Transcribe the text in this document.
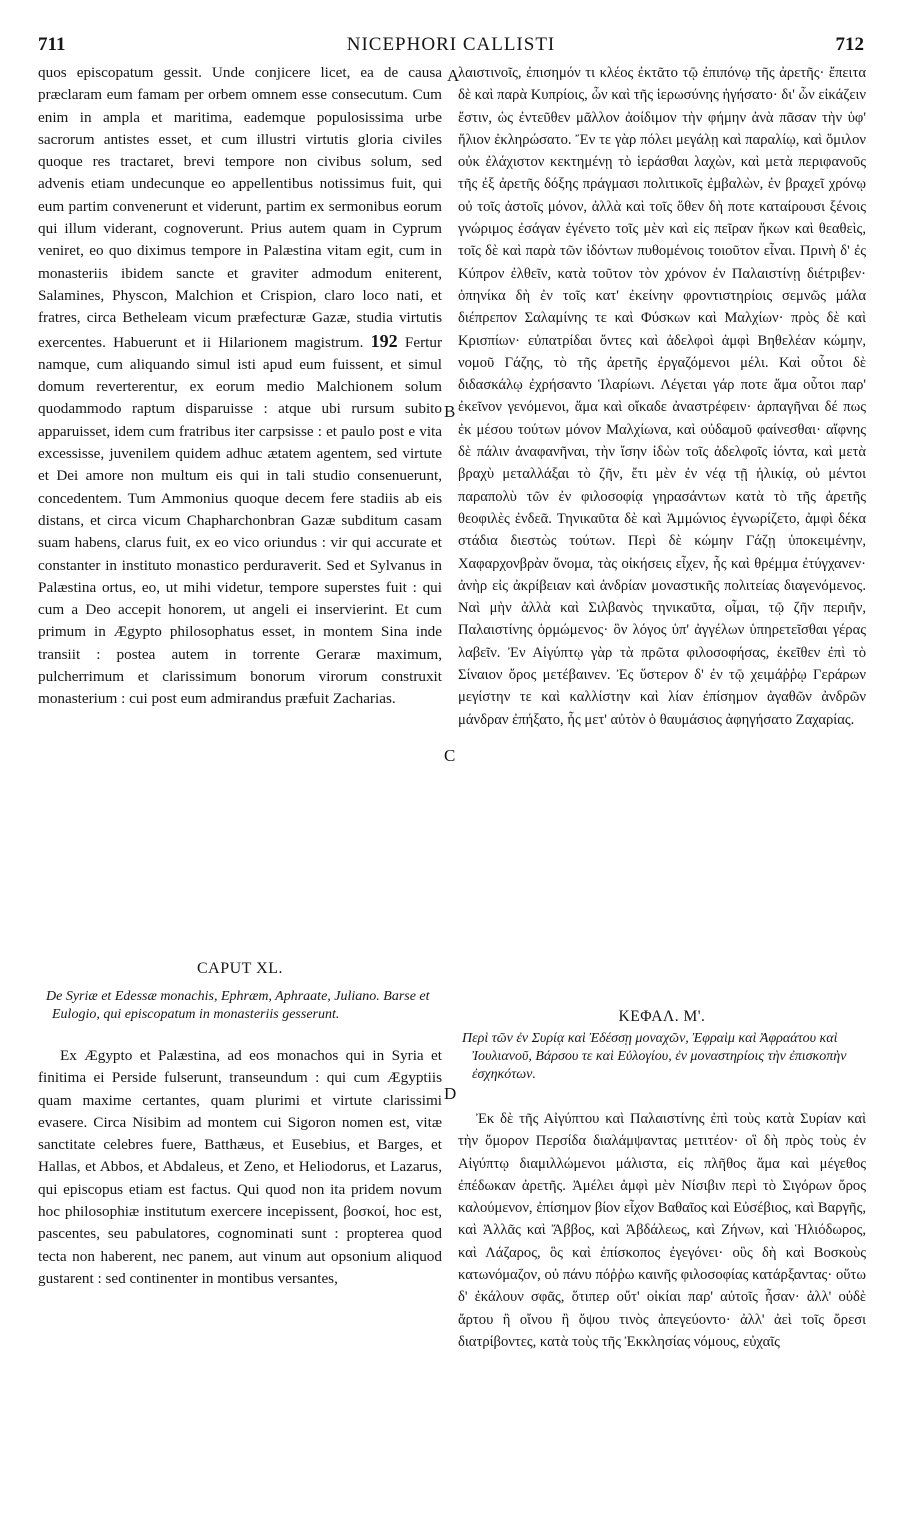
711	NICEPHORI CALLISTI	712
A
B
C
D

quos episcopatum gessit. Unde conjicere licet, ea de causa præclaram eum famam per orbem omnem esse consecutum. Cum enim in ampla et maritima, eademque populosissima urbe sacrorum antistes esset, et cum illustri virtutis gloria civiles quoque res tractaret, brevi tempore non civibus solum, sed advenis etiam undecunque eo appellentibus notissimus fuit, qui eum partim convenerunt et viderunt, partim ex sermonibus eorum qui illum viderant, cognoverunt. Prius autem quam in Cyprum veniret, eo quo diximus tempore in Palæstina vitam egit, cum in monasteriis ibidem sancte et graviter admodum eniterent, Salamines, Physcon, Malchion et Crispion, claro loco nati, et fratres, circa Betheleam vicum præfecturæ Gazæ, studia virtutis exercentes. Habuerunt et ii Hilarionem magistrum. 192 Fertur namque, cum aliquando simul isti apud eum fuissent, et simul domum reverterentur, ex eorum medio Malchionem solum quodammodo raptum disparuisse : atque ubi rursum subito apparuisset, idem cum fratribus iter carpsisse : et paulo post e vita excessisse, juvenilem quidem adhuc ætatem agentem, sed virtute et Dei amore non multum eis qui in tali studio consenuerunt, concedentem. Tum Ammonius quoque decem fere stadiis ab eis distans, et circa vicum Chapharchonbran Gazæ subditum casam suam habens, clarus fuit, ex eo vico oriundus : vir qui accurate et constanter in instituto monastico perduraverit. Sed et Sylvanus in Palæstina ortus, eo, ut mihi videtur, tempore superstes fuit : qui cum a Deo accepit honorem, ut angeli ei inservierint. Et cum primum in Ægypto philosophatus esset, in montem Sina inde transiit : postea autem in torrente Geraræ maximum, pulcherrimum et clarissimum bonorum virorum construxit monasterium : cui post eum admirandus præfuit Zacharias.

λαιστινοῖς, ἐπισημόν τι κλέος ἐκτᾶτο τῷ ἐπιπόνῳ τῆς ἀρετῆς· ἔπειτα δὲ καὶ παρὰ Κυπρίοις, ὧν καὶ τῆς ἱερωσύνης ἡγήσατο· δι' ὧν εἰκάζειν ἔστιν, ὡς ἐντεῦθεν μᾶλλον ἀοίδιμον τὴν φήμην ἀνὰ πᾶσαν τὴν ὑφ' ἥλιον ἐκληρώσατο. Ἔν τε γὰρ πόλει μεγάλῃ καὶ παραλίῳ, καὶ ὅμιλον οὐκ ἐλάχιστον κεκτημένῃ τὸ ἱεράσθαι λαχὼν, καὶ μετὰ περιφανοῦς τῆς ἐξ ἀρετῆς δόξης πράγμασι πολιτικοῖς ἐμβαλὼν, ἐν βραχεῖ χρόνῳ οὐ τοῖς ἀστοῖς μόνον, ἀλλὰ καὶ τοῖς ὅθεν δὴ ποτε καταίρουσι ξένοις γνώριμος ἐσάγαν ἐγένετο τοῖς μὲν καὶ εἰς πεῖραν ἥκων καὶ θεαθεὶς, τοῖς δὲ καὶ παρὰ τῶν ἰδόντων πυθομένοις τοιοῦτον εἶναι. Πρινὴ δ' ἐς Κύπρον ἐλθεῖν, κατὰ τοῦτον τὸν χρόνον ἐν Παλαιστίνῃ διέτριβεν· ὁπηνίκα δὴ ἐν τοῖς κατ' ἐκείνην φροντιστηρίοις σεμνῶς μάλα διέπρεπον Σαλαμίνης τε καὶ Φύσκων καὶ Μαλχίων· πρὸς δὲ καὶ Κρισπίων· εὐπατρίδαι ὄντες καὶ ἀδελφοὶ ἀμφὶ Βηθελέαν κώμην, νομοῦ Γάζης, τὸ τῆς ἀρετῆς ἐργαζόμενοι μέλι. Καὶ οὗτοι δὲ διδασκάλῳ ἐχρήσαντο Ἱλαρίωνι. Λέγεται γάρ ποτε ἅμα οὗτοι παρ' ἐκεῖνον γενόμενοι, ἅμα καὶ οἴκαδε ἀναστρέφειν· ἁρπαγῆναι δέ πως ἐκ μέσου τούτων μόνον Μαλχίωνα, καὶ οὐδαμοῦ φαίνεσθαι· αἴφνης δὲ πάλιν ἀναφανῆναι, τὴν ἴσην ἰδὼν τοῖς ἀδελφοῖς ἰόντα, καὶ μετὰ βραχὺ μεταλλάξαι τὸ ζῆν, ἔτι μὲν ἐν νέᾳ τῇ ἡλικίᾳ, οὐ μέντοι παραπολὺ τῶν ἐν φιλοσοφίᾳ γηρασάντων κατὰ τὸ τῆς ἀρετῆς θεοφιλὲς ἐνδεᾶ. Τηνικαῦτα δὲ καὶ Ἀμμώνιος ἐγνωρίζετο, ἀμφὶ δέκα στάδια διεστὼς τούτων. Περὶ δὲ κώμην Γάζῃ ὑποκειμένην, Χαφαρχονβρὰν ὄνομα, τὰς οἰκήσεις εἶχεν, ἧς καὶ θρέμμα ἐτύγχανεν· ἀνὴρ εἰς ἀκρίβειαν καὶ ἀνδρίαν μοναστικῆς πολιτείας διαγενόμενος. Ναὶ μὴν ἀλλὰ καὶ Σιλβανὸς τηνικαῦτα, οἶμαι, τῷ ζῆν περιῆν, Παλαιστίνης ὁρμώμενος· ὃν λόγος ὑπ' ἀγγέλων ὑπηρετεῖσθαι γέρας λαβεῖν. Ἐν Αἰγύπτῳ γὰρ τὰ πρῶτα φιλοσοφήσας, ἐκεῖθεν ἐπὶ τὸ Σίναιον ὄρος μετέβαινεν. Ἐς ὕστερον δ' ἐν τῷ χειμάῤῥῳ Γεράρων μεγίστην τε καὶ καλλίστην καὶ λίαν ἐπίσημον ἀγαθῶν ἀνδρῶν μάνδραν ἐπήξατο, ἧς μετ' αὐτὸν ὁ θαυμάσιος ἀφηγήσατο Ζαχαρίας.

CAPUT XL.
De Syriæ et Edessæ monachis, Ephræm, Aphraate, Juliano. Barse et Eulogio, qui episcopatum in monasteriis gesserunt.

Ex Ægypto et Palæstina, ad eos monachos qui in Syria et finitima ei Perside fulserunt, transeundum : qui cum Ægyptiis quam maxime certantes, quam plurimi et virtute clarissimi evasere. Circa Nisibim ad montem cui Sigoron nomen est, vitæ sanctitate celebres fuere, Batthæus, et Eusebius, et Barges, et Hallas, et Abbos, et Abdaleus, et Zeno, et Heliodorus, et Lazarus, qui episcopus etiam est factus. Qui quod non ita pridem novum hoc philosophiæ institutum exercere incepissent, βοσκοί, hoc est, pascentes, seu pabulatores, cognominati sunt : propterea quod tecta non haberent, nec panem, aut vinum aut opsonium aliquod gustarent : sed continenter in montibus versantes,

ΚΕΦΑΛ. Μ'.
Περὶ τῶν ἐν Συρίᾳ καὶ Ἐδέσσῃ μοναχῶν, Ἐφραὶμ καὶ Ἀφραάτου καὶ Ἰουλιανοῦ, Βάρσου τε καὶ Εὐλογίου, ἐν μοναστηρίοις τὴν ἐπισκοπὴν ἐσχηκότων.

Ἐκ δὲ τῆς Αἰγύπτου καὶ Παλαιστίνης ἐπὶ τοὺς κατὰ Συρίαν καὶ τὴν ὅμορον Περσίδα διαλάμψαντας μετιτέον· οἳ δὴ πρὸς τοὺς ἐν Αἰγύπτῳ διαμιλλώμενοι μάλιστα, εἰς πλῆθος ἅμα καὶ μέγεθος ἐπέδωκαν ἀρετῆς. Ἀμέλει ἀμφὶ μὲν Νίσιβιν περὶ τὸ Σιγόρων ὄρος καλούμενον, ἐπίσημον βίον εἶχον Βαθαῖος καὶ Εὐσέβιος, καὶ Βαργῆς, καὶ Ἀλλᾶς καὶ Ἄββος, καὶ Ἀβδάλεως, καὶ Ζήνων, καὶ Ἡλιόδωρος, καὶ Λάζαρος, ὃς καὶ ἐπίσκοπος ἐγεγόνει· οὓς δὴ καὶ Βοσκοὺς κατωνόμαζον, οὐ πάνυ πόῤῥω καινῆς φιλοσοφίας κατάρξαντας· οὕτω δ' ἐκάλουν σφᾶς, ὅτιπερ οὔτ' οἰκίαι παρ' αὐτοῖς ἦσαν· ἀλλ' οὐδὲ ἄρτου ἢ οἴνου ἢ ὄψου τινὸς ἀπεγεύοντο· ἀλλ' ἀεὶ τοῖς ὄρεσι διατρίβοντες, κατὰ τοὺς τῆς Ἐκκλησίας νόμους, εὐχαῖς
